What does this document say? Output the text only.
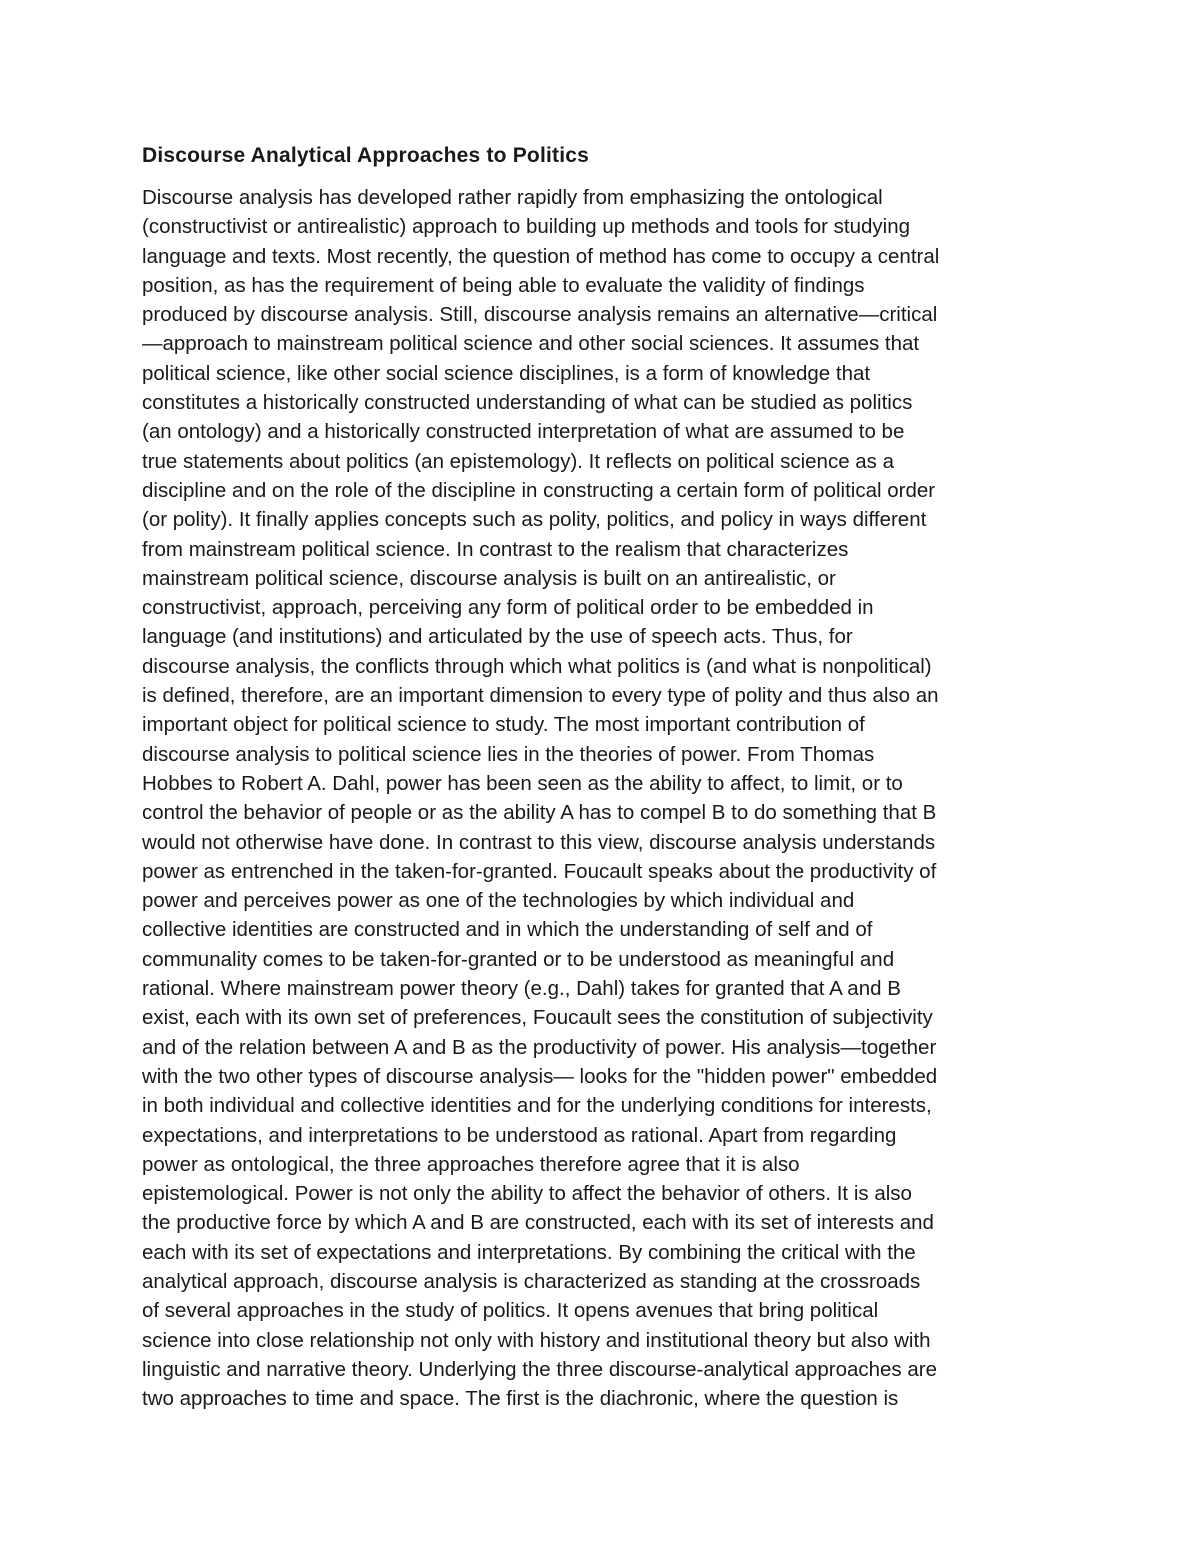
Discourse Analytical Approaches to Politics

Discourse analysis has developed rather rapidly from emphasizing the ontological
(constructivist or antirealistic) approach to building up methods and tools for studying
language and texts. Most recently, the question of method has come to occupy a central
position, as has the requirement of being able to evaluate the validity of findings
produced by discourse analysis. Still, discourse analysis remains an alternative—critical
—approach to mainstream political science and other social sciences. It assumes that
political science, like other social science disciplines, is a form of knowledge that
constitutes a historically constructed understanding of what can be studied as politics
(an ontology) and a historically constructed interpretation of what are assumed to be
true statements about politics (an epistemology). It reflects on political science as a
discipline and on the role of the discipline in constructing a certain form of political order
(or polity). It finally applies concepts such as polity, politics, and policy in ways different
from mainstream political science. In contrast to the realism that characterizes
mainstream political science, discourse analysis is built on an antirealistic, or
constructivist, approach, perceiving any form of political order to be embedded in
language (and institutions) and articulated by the use of speech acts. Thus, for
discourse analysis, the conflicts through which what politics is (and what is nonpolitical)
is defined, therefore, are an important dimension to every type of polity and thus also an
important object for political science to study. The most important contribution of
discourse analysis to political science lies in the theories of power. From Thomas
Hobbes to Robert A. Dahl, power has been seen as the ability to affect, to limit, or to
control the behavior of people or as the ability A has to compel B to do something that B
would not otherwise have done. In contrast to this view, discourse analysis understands
power as entrenched in the taken-for-granted. Foucault speaks about the productivity of
power and perceives power as one of the technologies by which individual and
collective identities are constructed and in which the understanding of self and of
communality comes to be taken-for-granted or to be understood as meaningful and
rational. Where mainstream power theory (e.g., Dahl) takes for granted that A and B
exist, each with its own set of preferences, Foucault sees the constitution of subjectivity
and of the relation between A and B as the productivity of power. His analysis—together
with the two other types of discourse analysis— looks for the "hidden power" embedded
in both individual and collective identities and for the underlying conditions for interests,
expectations, and interpretations to be understood as rational. Apart from regarding
power as ontological, the three approaches therefore agree that it is also
epistemological. Power is not only the ability to affect the behavior of others. It is also
the productive force by which A and B are constructed, each with its set of interests and
each with its set of expectations and interpretations. By combining the critical with the
analytical approach, discourse analysis is characterized as standing at the crossroads
of several approaches in the study of politics. It opens avenues that bring political
science into close relationship not only with history and institutional theory but also with
linguistic and narrative theory. Underlying the three discourse-analytical approaches are
two approaches to time and space. The first is the diachronic, where the question is
